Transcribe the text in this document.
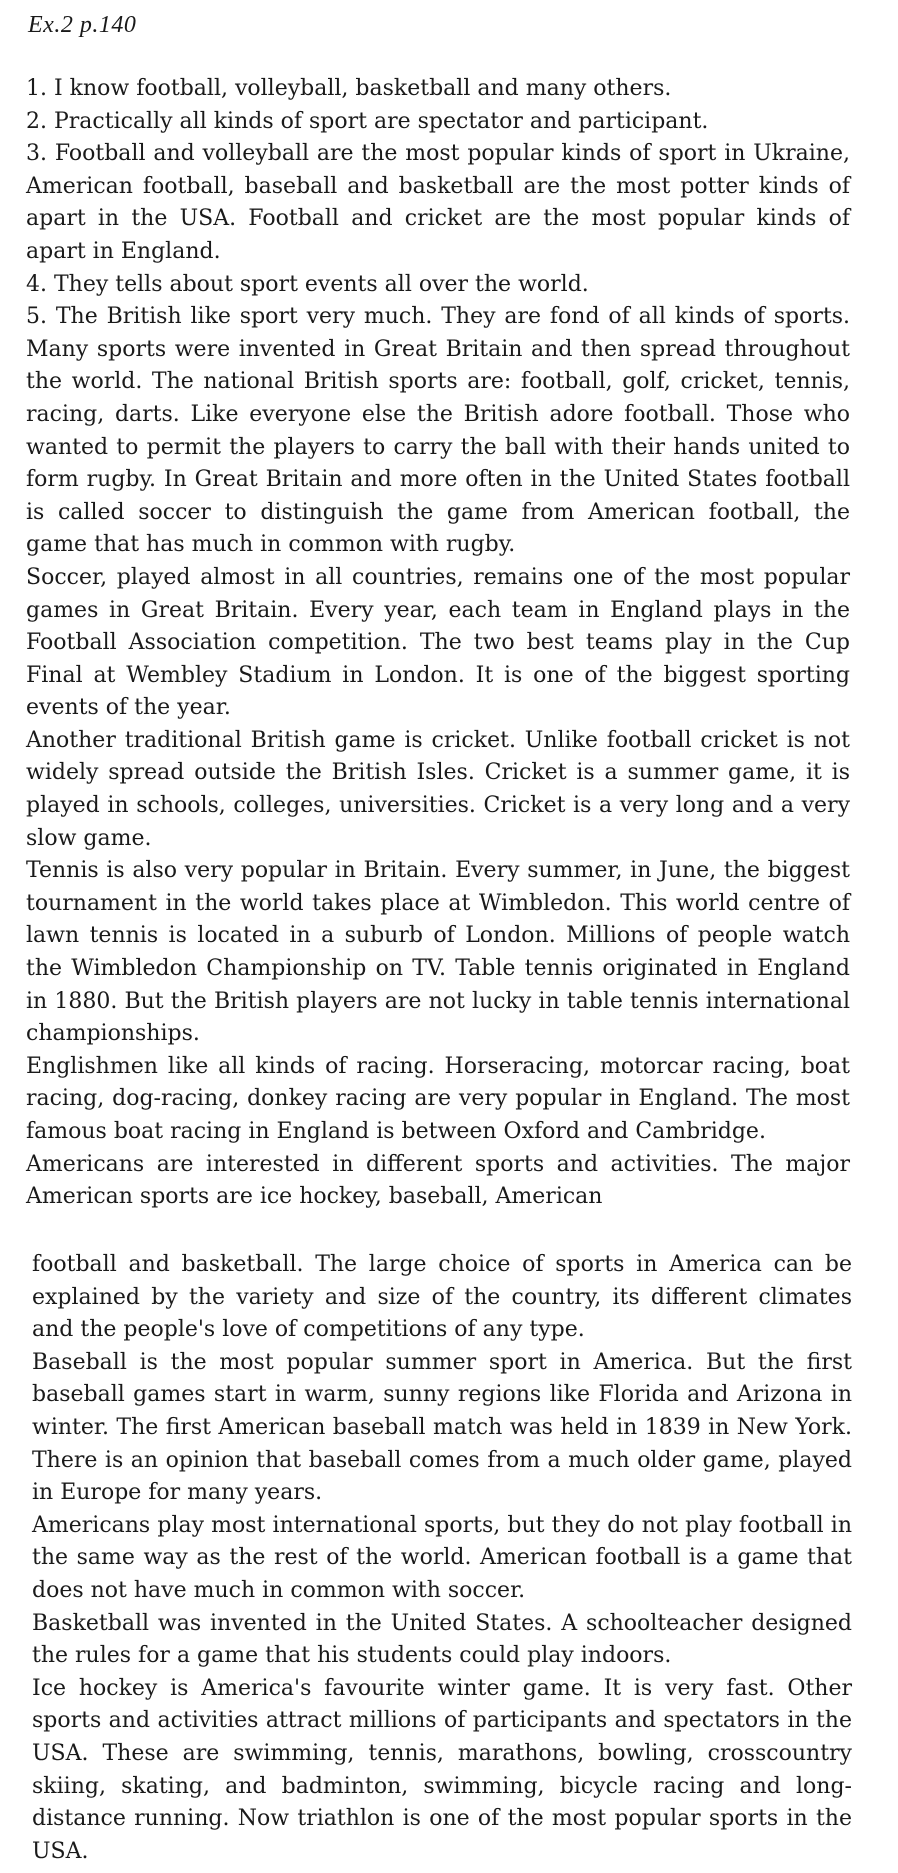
Ex.2 p.140

1. I know football, volleyball, basketball and many others.

2. Practically all kinds of sport are spectator and participant.

3. Football and volleyball are the most popular kinds of sport in Ukraine, American football, baseball and basketball are the most potter kinds of apart in the USA. Football and cricket are the most popular kinds of apart in England.

4. They tells about sport events all over the world.

5. The British like sport very much. They are fond of all kinds of sports. Many sports were invented in Great Britain and then spread throughout the world. The national British sports are: football, golf, cricket, tennis, racing, darts. Like everyone else the British adore football. Those who wanted to permit the players to carry the ball with their hands united to form rugby. In Great Britain and more often in the United States football is called soccer to distinguish the game from American football, the game that has much in common with rugby.

Soccer, played almost in all countries, remains one of the most popular games in Great Britain. Every year, each team in England plays in the Football Association competition. The two best teams play in the Cup Final at Wembley Stadium in London. It is one of the biggest sporting events of the year.

Another traditional British game is cricket. Unlike football cricket is not widely spread outside the British Isles. Cricket is a summer game, it is played in schools, colleges, universities. Cricket is a very long and a very slow game.

Tennis is also very popular in Britain. Every summer, in June, the biggest tournament in the world takes place at Wimbledon. This world centre of lawn tennis is located in a suburb of London. Millions of people watch the Wimbledon Championship on TV. Table tennis originated in England in 1880. But the British players are not lucky in table tennis international championships.

Englishmen like all kinds of racing. Horseracing, motorcar racing, boat racing, dog-racing, donkey racing are very popular in England. The most famous boat racing in England is between Oxford and Cambridge.

Americans are interested in different sports and activities. The major American sports are ice hockey, baseball, American

football and basketball. The large choice of sports in America can be explained by the variety and size of the country, its different climates and the people's love of competitions of any type.

Baseball is the most popular summer sport in America. But the first baseball games start in warm, sunny regions like Florida and Arizona in winter. The first American baseball match was held in 1839 in New York. There is an opinion that baseball comes from a much older game, played in Europe for many years.

Americans play most international sports, but they do not play football in the same way as the rest of the world. American football is a game that does not have much in common with soccer.

Basketball was invented in the United States. A schoolteacher designed the rules for a game that his students could play indoors.

Ice hockey is America's favourite winter game. It is very fast. Other sports and activities attract millions of participants and spectators in the USA. These are swimming, tennis, marathons, bowling, crosscountry skiing, skating, and badminton, swimming, bicycle racing and long-distance running. Now triathlon is one of the most popular sports in the USA.
